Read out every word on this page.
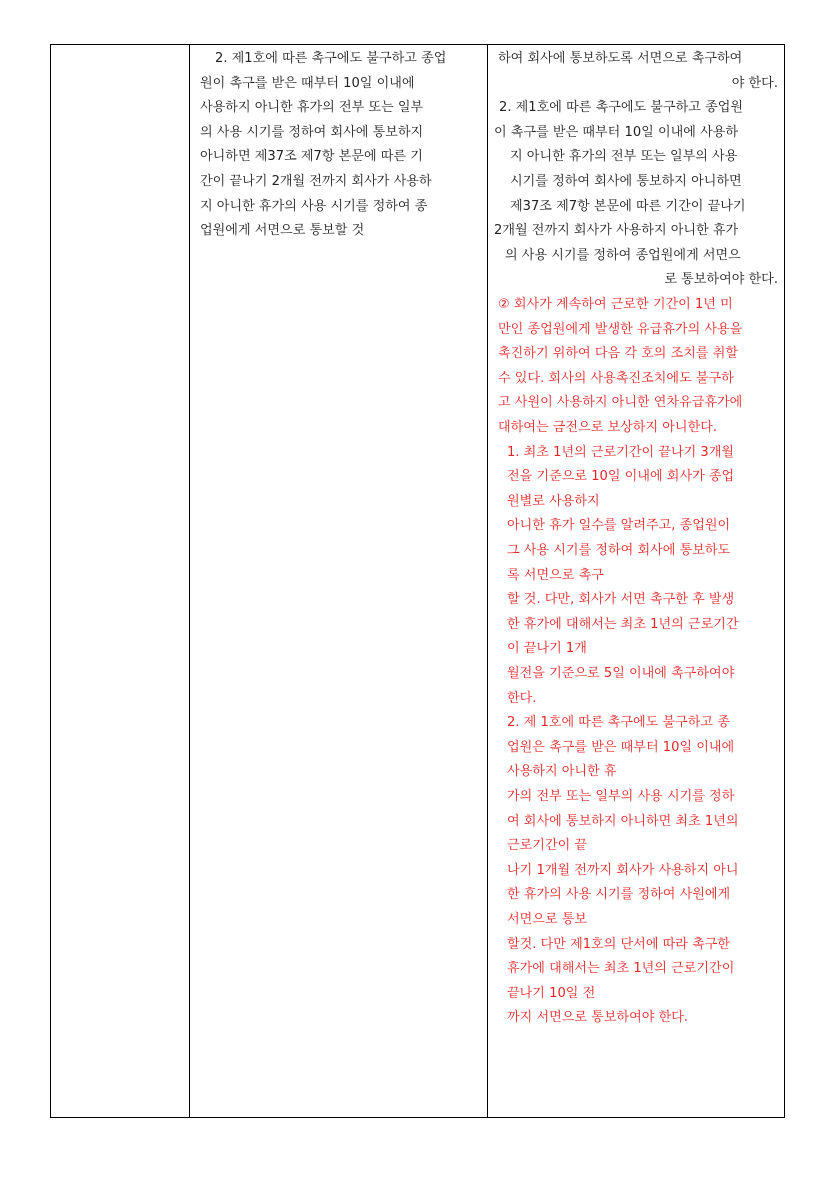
2. 제1호에 따른 촉구에도 불구하고 종업
원이 촉구를 받은 때부터 10일 이내에
사용하지 아니한 휴가의 전부 또는 일부
의 사용 시기를 정하여 회사에 통보하지
아니하면 제37조 제7항 본문에 따른 기
간이 끝나기 2개월 전까지 회사가 사용하
지 아니한 휴가의 사용 시기를 정하여 종
업원에게 서면으로 통보할 것
하여 회사에 통보하도록 서면으로 촉구하여
야 한다.
2. 제1호에 따른 촉구에도 불구하고 종업원
이 촉구를 받은 때부터 10일 이내에 사용하
지 아니한 휴가의 전부 또는 일부의 사용
시기를 정하여 회사에 통보하지 아니하면
제37조 제7항 본문에 따른 기간이 끝나기
2개월 전까지 회사가 사용하지 아니한 휴가
의 사용 시기를 정하여 종업원에게 서면으
로 통보하여야 한다.
② 회사가 계속하여 근로한 기간이 1년 미
만인 종업원에게 발생한 유급휴가의 사용을
촉진하기 위하여 다음 각 호의 조치를 취할
수 있다. 회사의 사용촉진조치에도 불구하
고 사원이 사용하지 아니한 연차유급휴가에
대하여는 금전으로 보상하지 아니한다.
1. 최초 1년의 근로기간이 끝나기 3개월
전을 기준으로 10일 이내에 회사가 종업
원별로 사용하지
아니한 휴가 일수를 알려주고, 종업원이
그 사용 시기를 정하여 회사에 통보하도
록 서면으로 촉구
할 것. 다만, 회사가 서면 촉구한 후 발생
한 휴가에 대해서는 최초 1년의 근로기간
이 끝나기 1개
월전을 기준으로 5일 이내에 촉구하여야
한다.
2. 제 1호에 따른 촉구에도 불구하고 종
업원은 촉구를 받은 때부터 10일 이내에
사용하지 아니한 휴
가의 전부 또는 일부의 사용 시기를 정하
여 회사에 통보하지 아니하면 최초 1년의
근로기간이 끝
나기 1개월 전까지 회사가 사용하지 아니
한 휴가의 사용 시기를 정하여 사원에게
서면으로 통보
할것. 다만 제1호의 단서에 따라 촉구한
휴가에 대해서는 최초 1년의 근로기간이
끝나기 10일 전
까지 서면으로 통보하여야 한다.
